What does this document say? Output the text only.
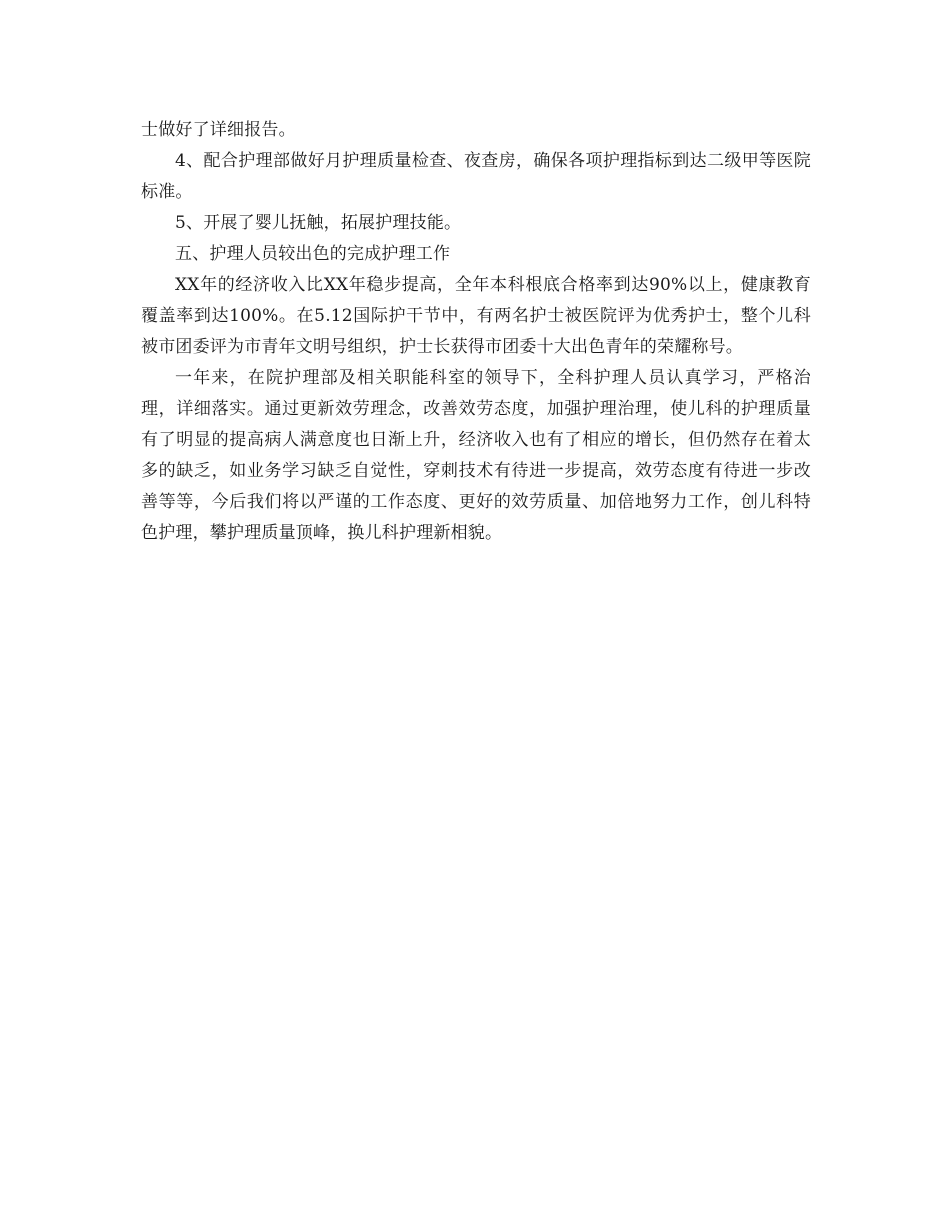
士做好了详细报告。

4、配合护理部做好月护理质量检查、夜查房，确保各项护理指标到达二级甲等医院标准。

5、开展了婴儿抚触，拓展护理技能。

五、护理人员较出色的完成护理工作

XX年的经济收入比XX年稳步提高，全年本科根底合格率到达90%以上，健康教育覆盖率到达100%。在5.12国际护干节中，有两名护士被医院评为优秀护士，整个儿科被市团委评为市青年文明号组织，护士长获得市团委十大出色青年的荣耀称号。

一年来，在院护理部及相关职能科室的领导下，全科护理人员认真学习，严格治理，详细落实。通过更新效劳理念，改善效劳态度，加强护理治理，使儿科的护理质量有了明显的提高病人满意度也日渐上升，经济收入也有了相应的增长，但仍然存在着太多的缺乏，如业务学习缺乏自觉性，穿刺技术有待进一步提高，效劳态度有待进一步改善等等，今后我们将以严谨的工作态度、更好的效劳质量、加倍地努力工作，创儿科特色护理，攀护理质量顶峰，换儿科护理新相貌。
